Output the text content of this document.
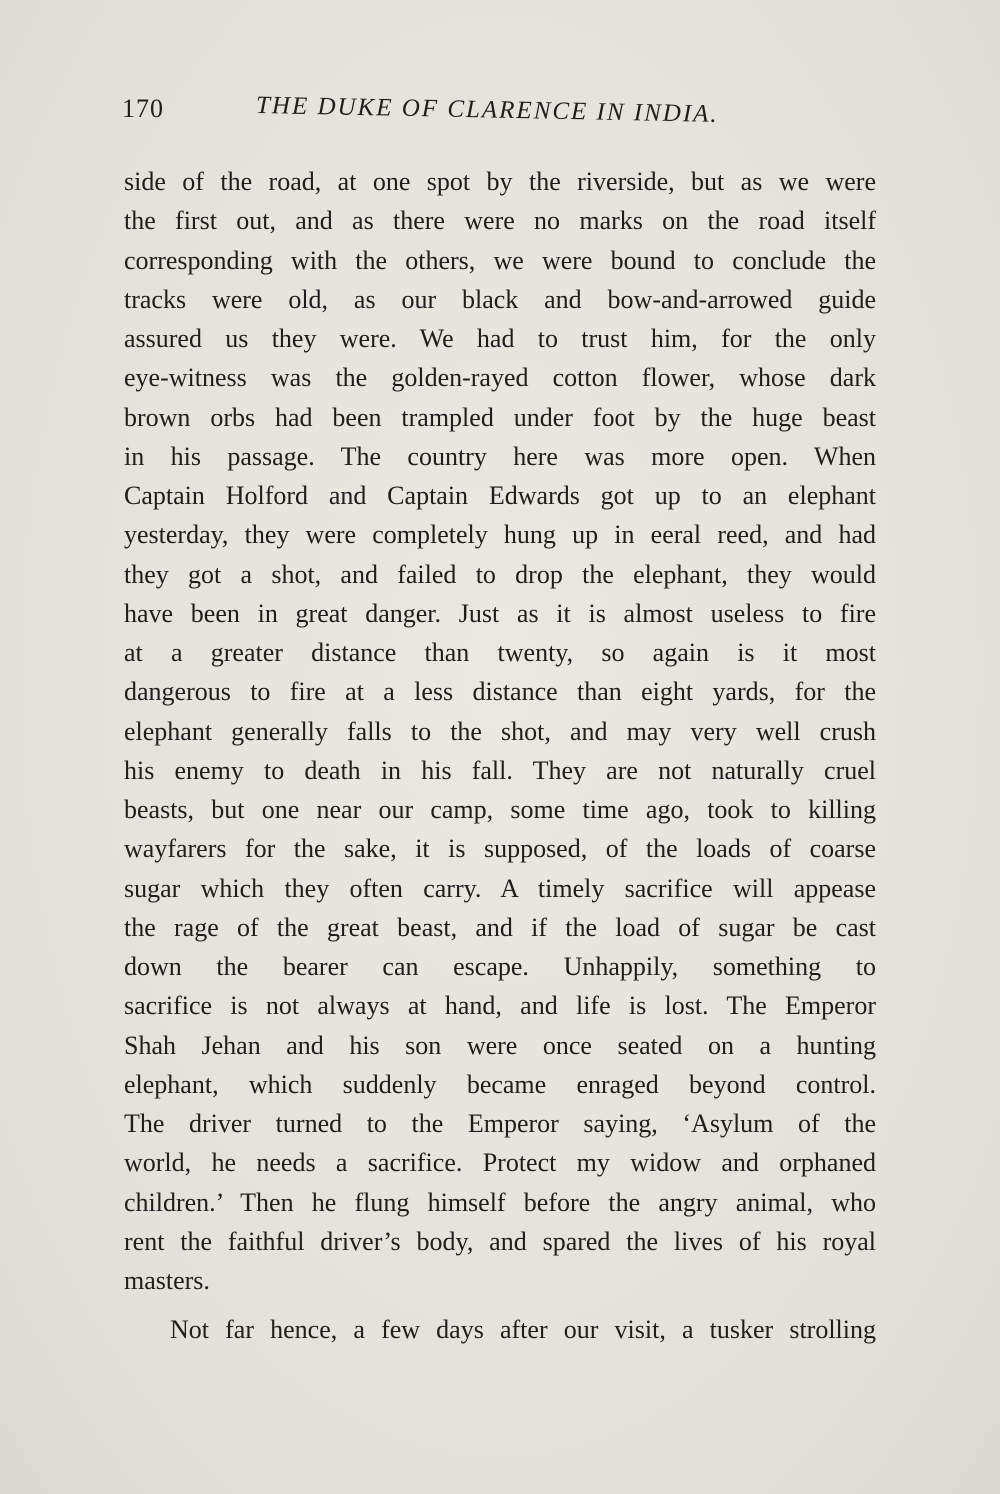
170	THE DUKE OF CLARENCE IN INDIA.
side of the road, at one spot by the riverside, but as we were
the first out, and as there were no marks on the road itself
corresponding with the others, we were bound to conclude the
tracks were old, as our black and bow-and-arrowed guide
assured us they were. We had to trust him, for the only
eye-witness was the golden-rayed cotton flower, whose dark
brown orbs had been trampled under foot by the huge beast
in his passage. The country here was more open. When
Captain Holford and Captain Edwards got up to an elephant
yesterday, they were completely hung up in eeral reed, and had
they got a shot, and failed to drop the elephant, they would
have been in great danger. Just as it is almost useless to fire
at a greater distance than twenty, so again is it most
dangerous to fire at a less distance than eight yards, for the
elephant generally falls to the shot, and may very well crush
his enemy to death in his fall. They are not naturally cruel
beasts, but one near our camp, some time ago, took to killing
wayfarers for the sake, it is supposed, of the loads of coarse
sugar which they often carry. A timely sacrifice will appease
the rage of the great beast, and if the load of sugar be cast
down the bearer can escape. Unhappily, something to
sacrifice is not always at hand, and life is lost. The Emperor
Shah Jehan and his son were once seated on a hunting
elephant, which suddenly became enraged beyond control.
The driver turned to the Emperor saying, ‘Asylum of the
world, he needs a sacrifice. Protect my widow and orphaned
children.’ Then he flung himself before the angry animal, who
rent the faithful driver’s body, and spared the lives of his royal
masters.
Not far hence, a few days after our visit, a tusker strolling
